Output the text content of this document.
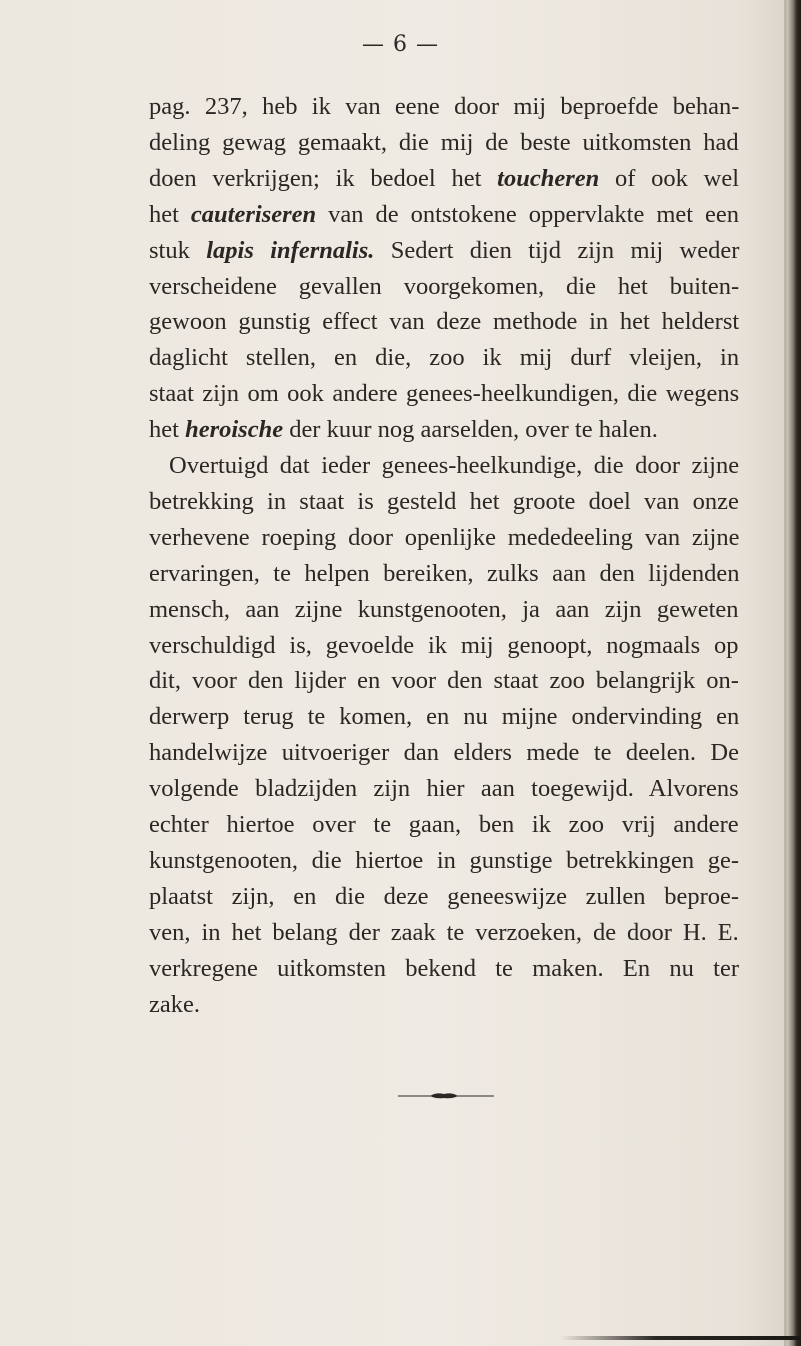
— 6 —
pag. 237, heb ik van eene door mij beproefde behan-
deling gewag gemaakt, die mij de beste uitkomsten had
doen verkrijgen; ik bedoel het toucheren of ook wel
het cauteriseren van de ontstokene oppervlakte met een
stuk lapis infernalis. Sedert dien tijd zijn mij weder
verscheidene gevallen voorgekomen, die het buiten-
gewoon gunstig effect van deze methode in het helderst
daglicht stellen, en die, zoo ik mij durf vleijen, in
staat zijn om ook andere genees-heelkundigen, die wegens
het heroische der kuur nog aarselden, over te halen.
Overtuigd dat ieder genees-heelkundige, die door zijne
betrekking in staat is gesteld het groote doel van onze
verhevene roeping door openlijke mededeeling van zijne
ervaringen, te helpen bereiken, zulks aan den lijdenden
mensch, aan zijne kunstgenooten, ja aan zijn geweten
verschuldigd is, gevoelde ik mij genoopt, nogmaals op
dit, voor den lijder en voor den staat zoo belangrijk on-
derwerp terug te komen, en nu mijne ondervinding en
handelwijze uitvoeriger dan elders mede te deelen. De
volgende bladzijden zijn hier aan toegewijd. Alvorens
echter hiertoe over te gaan, ben ik zoo vrij andere
kunstgenooten, die hiertoe in gunstige betrekkingen ge-
plaatst zijn, en die deze geneeswijze zullen beproe-
ven, in het belang der zaak te verzoeken, de door H. E.
verkregene uitkomsten bekend te maken. En nu ter
zake.
